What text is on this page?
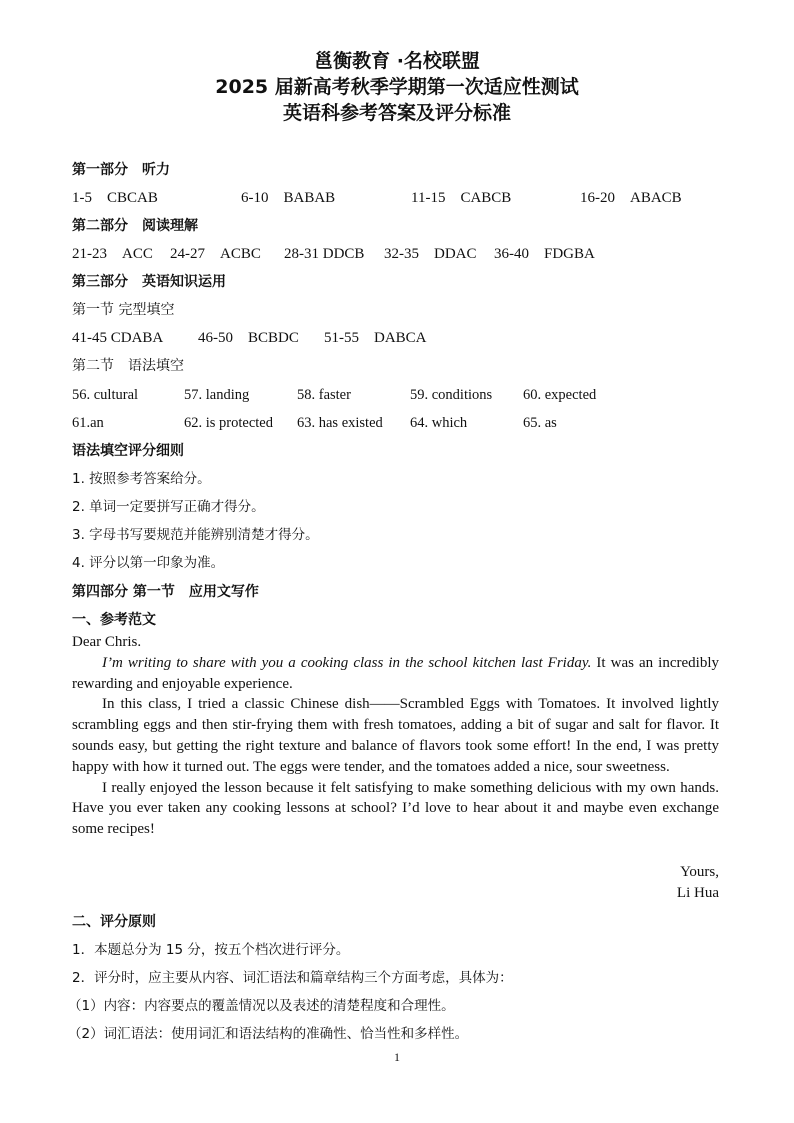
邕衡教育 ·名校联盟
2025 届新高考秋季学期第一次适应性测试
英语科参考答案及评分标准
第一部分　听力
1-5　CBCAB	6-10　BABAB	11-15　CABCB	16-20　ABACB
第二部分　阅读理解
21-23　ACC 24-27　ACBC 28-31 DDCB 32-35　DDAC 36-40　FDGBA
第三部分　英语知识运用
第一节 完型填空
41-45 CDABA 46-50　BCBDC 51-55　DABCA
第二节　语法填空
56. cultural	57. landing	58. faster	59. conditions 60. expected
61.an	62. is protected 63. has existed 64. which	65. as
语法填空评分细则
1. 按照参考答案给分。
2. 单词一定要拼写正确才得分。
3. 字母书写要规范并能辨别清楚才得分。
4. 评分以第一印象为准。
第四部分 第一节　应用文写作
一、参考范文

Dear Chris.

I’m writing to share with you a cooking class in the school kitchen last Friday. It was an incredibly rewarding and enjoyable experience.

In this class, I tried a classic Chinese dish——Scrambled Eggs with Tomatoes. It involved lightly scrambling eggs and then stir-frying them with fresh tomatoes, adding a bit of sugar and salt for flavor. It sounds easy, but getting the right texture and balance of flavors took some effort! In the end, I was pretty happy with how it turned out. The eggs were tender, and the tomatoes added a nice, sour sweetness.

I really enjoyed the lesson because it felt satisfying to make something delicious with my own hands. Have you ever taken any cooking lessons at school? I’d love to hear about it and maybe even exchange some recipes!

Yours,
Li Hua
二、评分原则
1．本题总分为 15 分，按五个档次进行评分。
2．评分时，应主要从内容、词汇语法和篇章结构三个方面考虑，具体为：
（1）内容：内容要点的覆盖情况以及表述的清楚程度和合理性。
（2）词汇语法：使用词汇和语法结构的准确性、恰当性和多样性。
1
